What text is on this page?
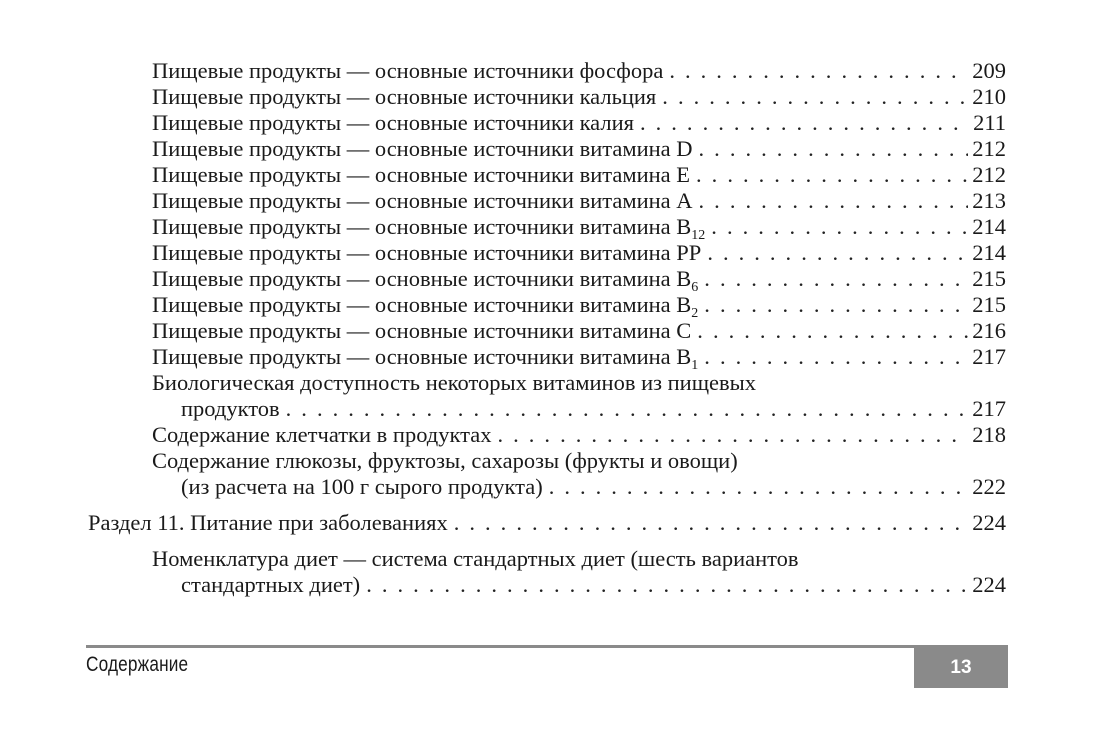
Пищевые продукты — основные источники фосфора . . .	209
Пищевые продукты — основные источники кальция . . .	210
Пищевые продукты — основные источники калия . . .	211
Пищевые продукты — основные источники витамина D . . .	212
Пищевые продукты — основные источники витамина E . . .	212
Пищевые продукты — основные источники витамина А . . .	213
Пищевые продукты — основные источники витамина $B_{12}$ . . .	214
Пищевые продукты — основные источники витамина PP . . .	214
Пищевые продукты — основные источники витамина $B_6$ . . .	215
Пищевые продукты — основные источники витамина $B_2$ . . .	215
Пищевые продукты — основные источники витамина C . . .	216
Пищевые продукты — основные источники витамина $B_1$ . . .	217
Биологическая доступность некоторых витаминов из пищевых
продуктов . . .	217
Содержание клетчатки в продуктах . . .	218
Содержание глюкозы, фруктозы, сахарозы (фрукты и овощи)
(из расчета на 100 г сырого продукта) . . .	222
Раздел 11. Питание при заболеваниях . . .	224
Номенклатура диет — система стандартных диет (шесть вариантов
стандартных диет) . . .	224
Содержание	13
